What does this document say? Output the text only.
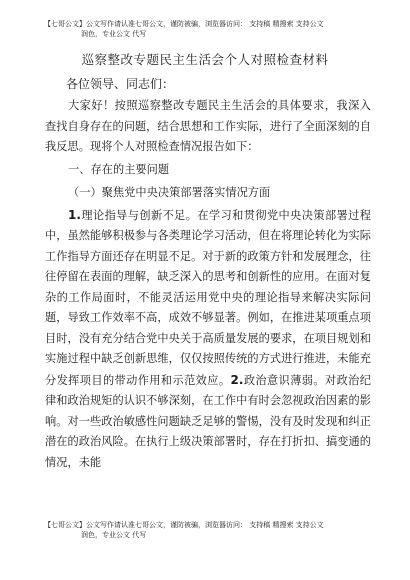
【七哥公文】公文写作请认准七哥公文，谨防被骗，浏览器访问： 支持稿 精搜索 支持公文
润色，专业公文 代写
巡察整改专题民主生活会个人对照检查材料
各位领导、同志们：

大家好！按照巡察整改专题民主生活会的具体要求，我深入查找自身存在的问题，结合思想和工作实际，进行了全面深刻的自我反思。现将个人对照检查情况报告如下：

一、存在的主要问题

（一）聚焦党中央决策部署落实情况方面

1.理论指导与创新不足。在学习和贯彻党中央决策部署过程中，虽然能够积极参与各类理论学习活动，但在将理论转化为实际工作指导方面还存在明显不足。对于新的政策方针和发展理念，往往停留在表面的理解，缺乏深入的思考和创新性的应用。在面对复杂的工作局面时，不能灵活运用党中央的理论指导来解决实际问题，导致工作效率不高，成效不够显著。例如，在推进某项重点项目时，没有充分结合党中央关于高质量发展的要求，在项目规划和实施过程中缺乏创新思维，仅仅按照传统的方式进行推进，未能充分发挥项目的带动作用和示范效应。2.政治意识薄弱。对政治纪律和政治规矩的认识不够深刻，在工作中有时会忽视政治因素的影响。对一些政治敏感性问题缺乏足够的警惕，没有及时发现和纠正潜在的政治风险。在执行上级决策部署时，存在打折扣、搞变通的情况，未能

【七哥公文】公文写作请认准七哥公文，谨防被骗，浏览器访问： 支持稿 精搜索 支持公文
润色，专业公文 代写
